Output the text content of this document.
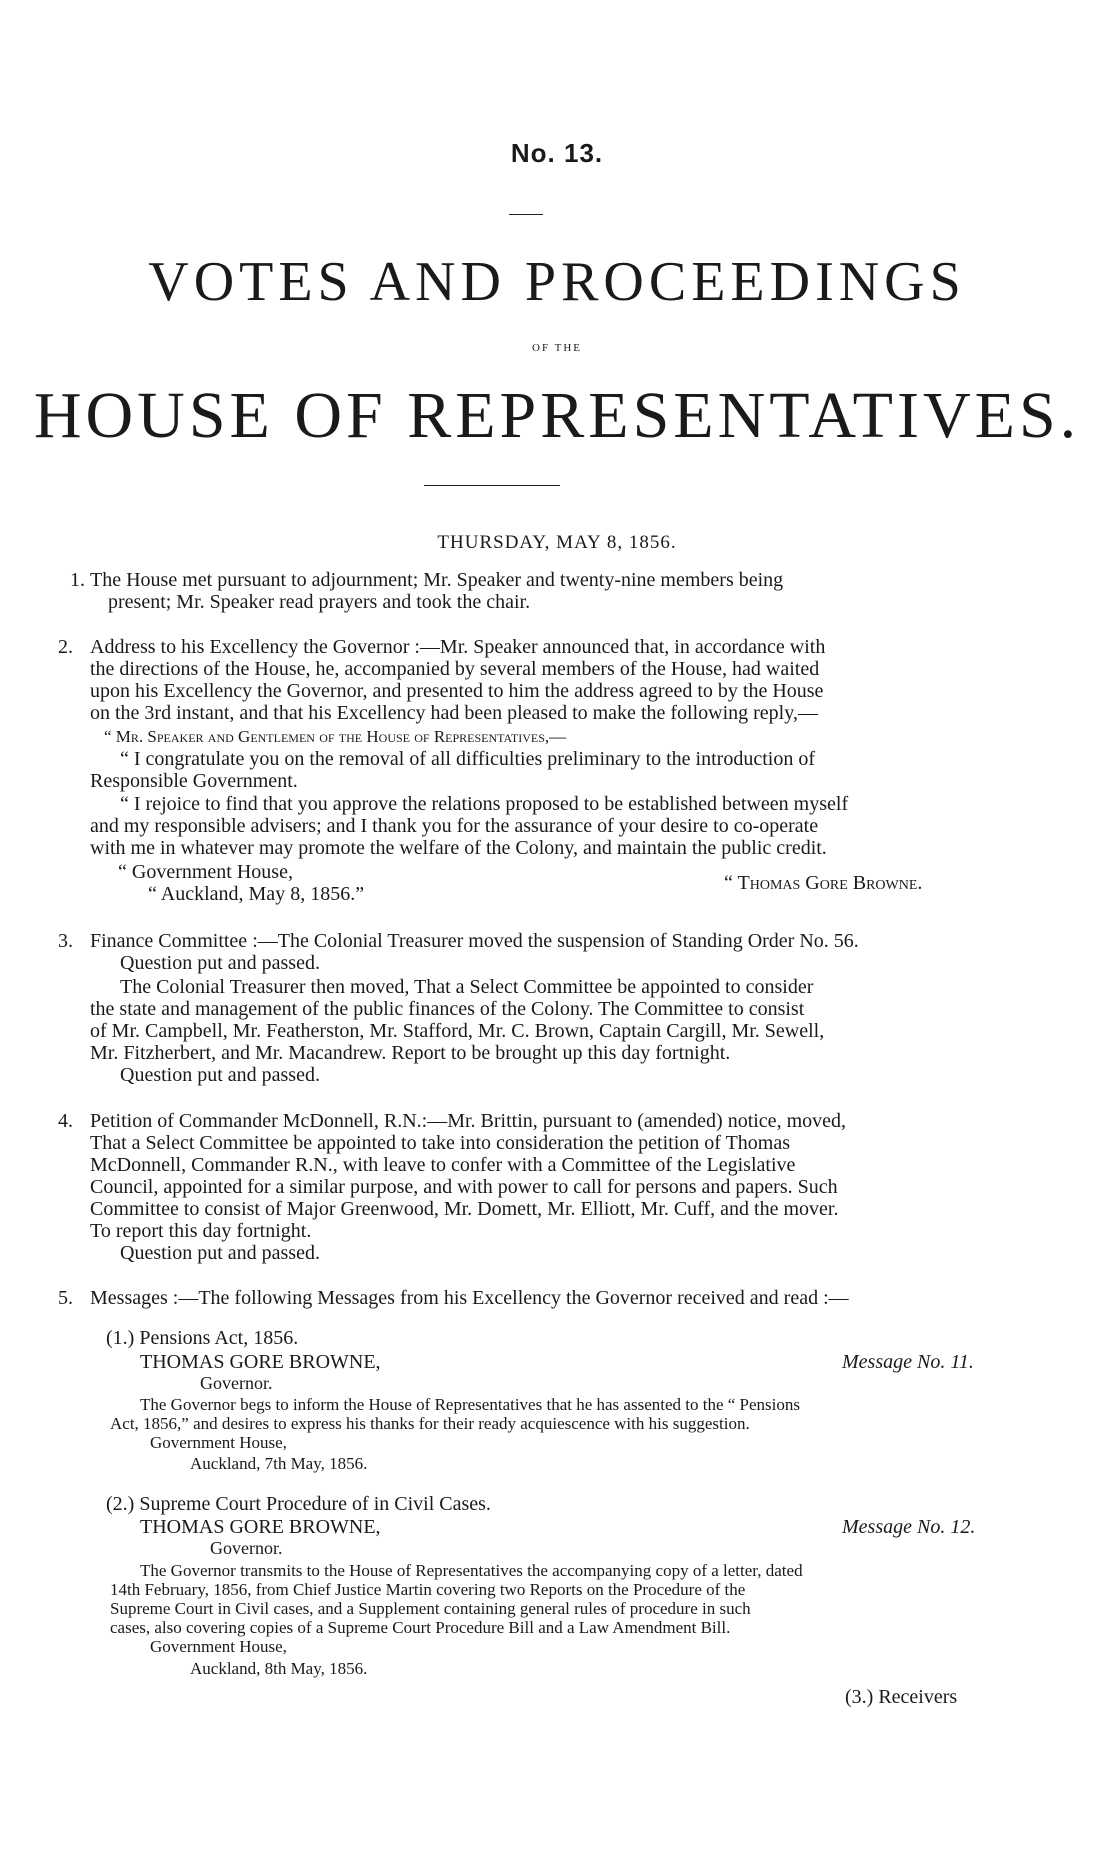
No. 13.
VOTES AND PROCEEDINGS
OF THE
HOUSE OF REPRESENTATIVES.
THURSDAY, MAY 8, 1856.
1. The House met pursuant to adjournment; Mr. Speaker and twenty-nine members being
present; Mr. Speaker read prayers and took the chair.
2. Address to his Excellency the Governor :—Mr. Speaker announced that, in accordance with
the directions of the House, he, accompanied by several members of the House, had waited
upon his Excellency the Governor, and presented to him the address agreed to by the House
on the 3rd instant, and that his Excellency had been pleased to make the following reply,—
“ Mr. Speaker and Gentlemen of the House of Representatives,—
“ I congratulate you on the removal of all difficulties preliminary to the introduction of
Responsible Government.
“ I rejoice to find that you approve the relations proposed to be established between myself
and my responsible advisers; and I thank you for the assurance of your desire to co-operate
with me in whatever may promote the welfare of the Colony, and maintain the public credit.
“ Government House,	“ Thomas Gore Browne.
“ Auckland, May 8, 1856.”
3. Finance Committee :—The Colonial Treasurer moved the suspension of Standing Order No. 56.
Question put and passed.
The Colonial Treasurer then moved, That a Select Committee be appointed to consider
the state and management of the public finances of the Colony. The Committee to consist
of Mr. Campbell, Mr. Featherston, Mr. Stafford, Mr. C. Brown, Captain Cargill, Mr. Sewell,
Mr. Fitzherbert, and Mr. Macandrew. Report to be brought up this day fortnight.
Question put and passed.
4. Petition of Commander McDonnell, R.N.:—Mr. Brittin, pursuant to (amended) notice, moved,
That a Select Committee be appointed to take into consideration the petition of Thomas
McDonnell, Commander R.N., with leave to confer with a Committee of the Legislative
Council, appointed for a similar purpose, and with power to call for persons and papers. Such
Committee to consist of Major Greenwood, Mr. Domett, Mr. Elliott, Mr. Cuff, and the mover.
To report this day fortnight.
Question put and passed.
5. Messages :—The following Messages from his Excellency the Governor received and read :—
(1.) Pensions Act, 1856.
THOMAS GORE BROWNE,	Message No. 11.
Governor.
The Governor begs to inform the House of Representatives that he has assented to the “ Pensions
Act, 1856,” and desires to express his thanks for their ready acquiescence with his suggestion.
Government House,
Auckland, 7th May, 1856.
(2.) Supreme Court Procedure of in Civil Cases.
THOMAS GORE BROWNE,	Message No. 12.
Governor.
The Governor transmits to the House of Representatives the accompanying copy of a letter, dated
14th February, 1856, from Chief Justice Martin covering two Reports on the Procedure of the
Supreme Court in Civil cases, and a Supplement containing general rules of procedure in such
cases, also covering copies of a Supreme Court Procedure Bill and a Law Amendment Bill.
Government House,
Auckland, 8th May, 1856.
(3.) Receivers
